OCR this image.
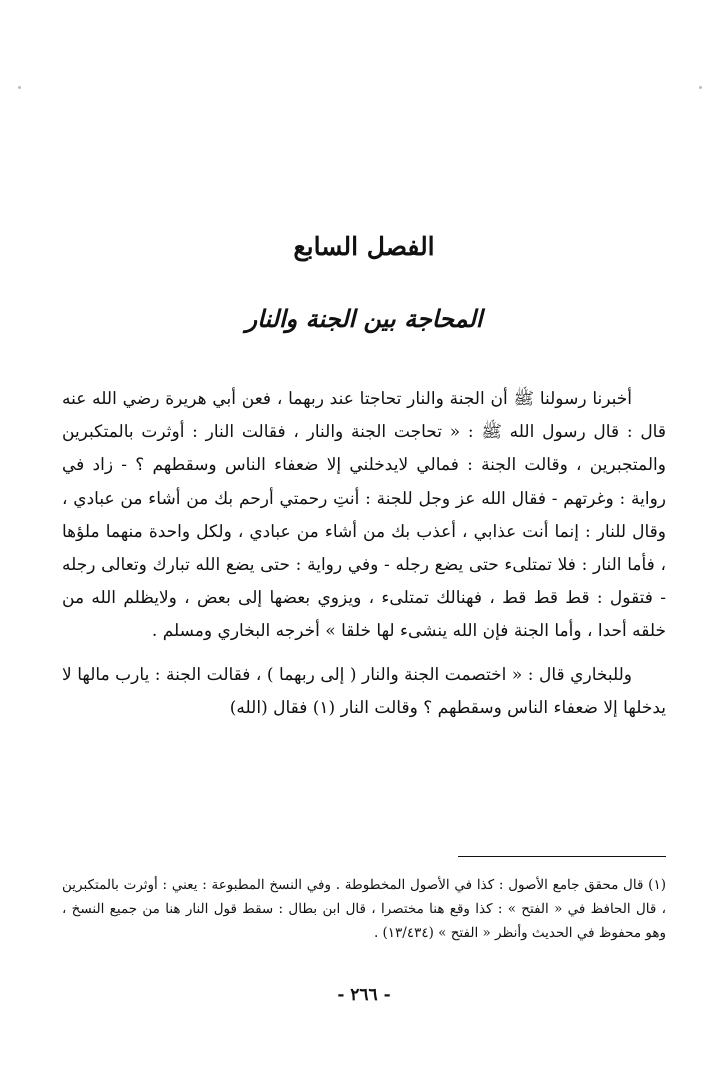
الفصل السابع
المحاجة بين الجنة والنار

أخبرنا رسولنا ﷺ أن الجنة والنار تحاجتا عند ربهما ، فعن أبي هريرة رضي الله عنه قال : قال رسول الله ﷺ : « تحاجت الجنة والنار ، فقالت النار : أوثرت بالمتكبرين والمتجبرين ، وقالت الجنة : فمالي لايدخلني إلا ضعفاء الناس وسقطهم ؟ - زاد في رواية : وغرتهم - فقال الله عز وجل للجنة : أنتِ رحمتي أرحم بك من أشاء من عبادي ، وقال للنار : إنما أنت عذابي ، أعذب بك من أشاء من عبادي ، ولكل واحدة منهما ملؤها ، فأما النار : فلا تمتلىء حتى يضع رجله - وفي رواية : حتى يضع الله تبارك وتعالى رجله - فتقول : قط قط قط ، فهنالك تمتلىء ، ويزوي بعضها إلى بعض ، ولايظلم الله من خلقه أحدا ، وأما الجنة فإن الله ينشىء لها خلقا » أخرجه البخاري ومسلم .

وللبخاري قال : « اختصمت الجنة والنار ( إلى ربهما ) ، فقالت الجنة : يارب مالها لا يدخلها إلا ضعفاء الناس وسقطهم ؟ وقالت النار (١) فقال (الله)

(١) قال محقق جامع الأصول : كذا في الأصول المخطوطة . وفي النسخ المطبوعة : يعني : أوثرت بالمتكبرين ، قال الحافظ في « الفتح » : كذا وقع هنا مختصرا ، قال ابن بطال : سقط قول النار هنا من جميع النسخ ، وهو محفوظ في الحديث وأنظر « الفتح » (١٣/٤٣٤) .
- ٢٦٦ -
